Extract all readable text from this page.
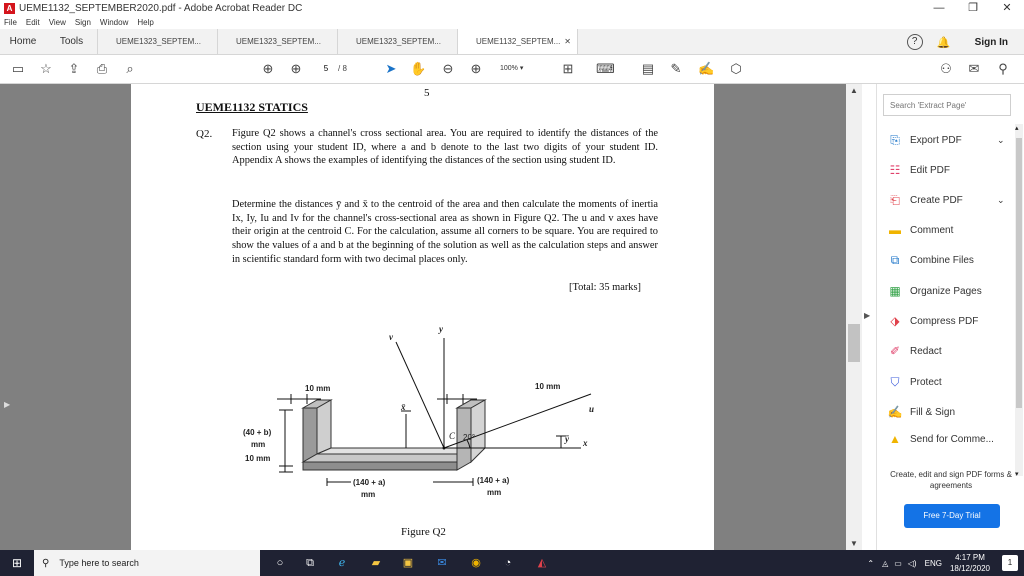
A UEME1132_SEPTEMBER2020.pdf - Adobe Acrobat Reader DC	—	❐	✕
File Edit View Sign Window Help
Home	Tools	UEME1323_SEPTEM...	UEME1323_SEPTEM...	UEME1323_SEPTEM...	UEME1132_SEPTEM... ✕	?	🔔 Sign In
▭ ☆ ⇪ ⎙	⌕	⊕ ⊕
5	/ 8	➤ ✋ ⊖ ⊕	100% ▾	⊞ ⌨ ▤ ✎ ✍ ⬡	⚇ ✉	⚲
▶
5
UEME1132 STATICS
Q2. Figure Q2 shows a channel's cross sectional area. You are required to identify the distances of the section using your student ID, where a and b denote to the last two digits of your student ID. Appendix A shows the examples of identifying the distances of the section using student ID.
Determine the distances ȳ and x̄ to the centroid of the area and then calculate the moments of inertia Ix, Iy, Iu and Iv for the channel's cross-sectional area as shown in Figure Q2. The u and v axes have their origin at the centroid C. For the calculation, assume all corners to be square. You are required to show the values of a and b at the beginning of the solution as well as the calculation steps and answer in scientific standard form with two decimal places only.
[Total: 35 marks]
y
v
u
x
x̄
ȳ
C 20°
10 mm	10 mm
(40 + b)
mm
10 mm
(140 + a)
mm
(140 + a)
mm
Figure Q2
▲
▼
▶
Search 'Extract Page'
⎘	Export PDF	⌄
☷ Edit PDF
⎗	Create PDF	⌄
▬ Comment
⧉	Combine Files
▦ Organize Pages
⬗	Compress PDF
✐ Redact
⛉	Protect
✍ Fill & Sign
▲ Send for Comme...
▴
▾
Create, edit and sign PDF forms & agreements
Free 7-Day Trial
⊞	⚲ Type here to search	○	⧉	ℯ	▰	▣	✉	◉	◔	◭	⌃ ◬ ▭ ◁) ENG
4:17 PM
18/12/2020
1
